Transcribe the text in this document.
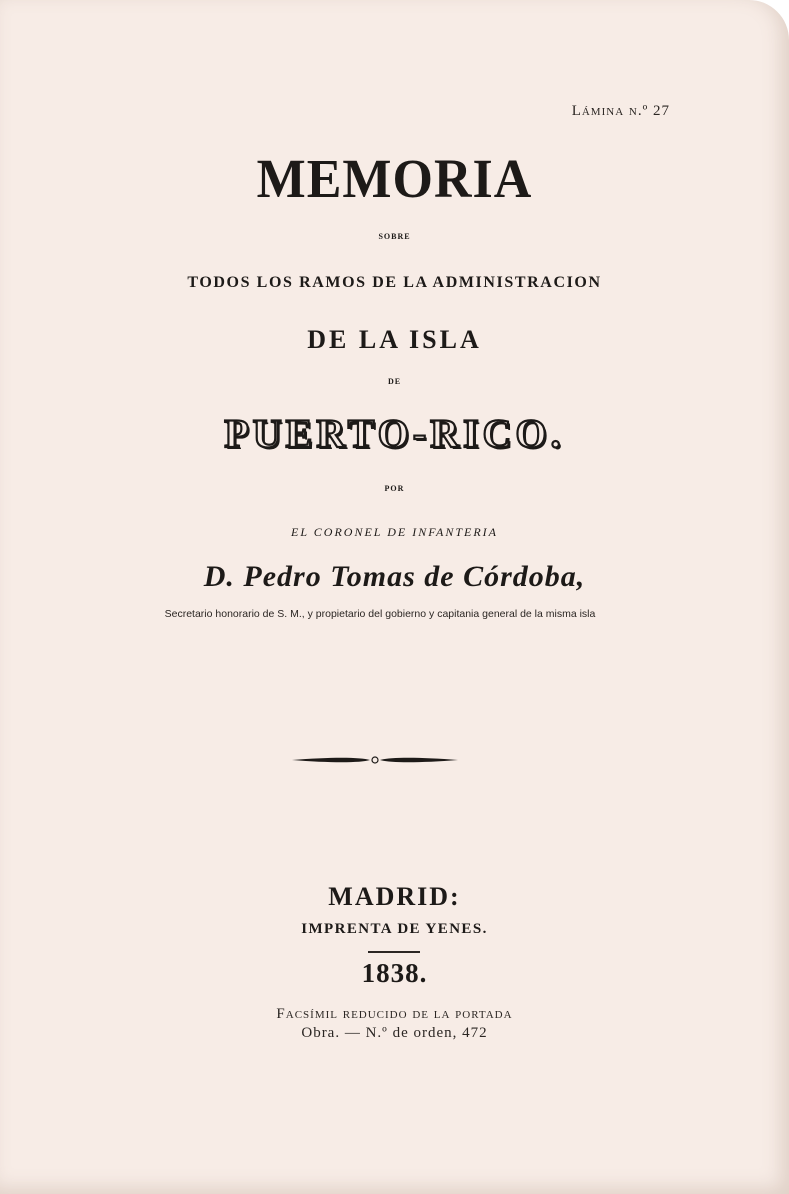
Lámina n.º 27
MEMORIA
SOBRE
TODOS LOS RAMOS DE LA ADMINISTRACION
DE LA ISLA
DE
PUERTO-RICO.
POR
EL CORONEL DE INFANTERIA
D. Pedro Tomas de Córdoba,
Secretario honorario de S. M., y propietario del gobierno y capitania general de la misma isla
MADRID:
IMPRENTA DE YENES.
1838.
Facsímil reducido de la portada
Obra. — N.º de orden, 472
